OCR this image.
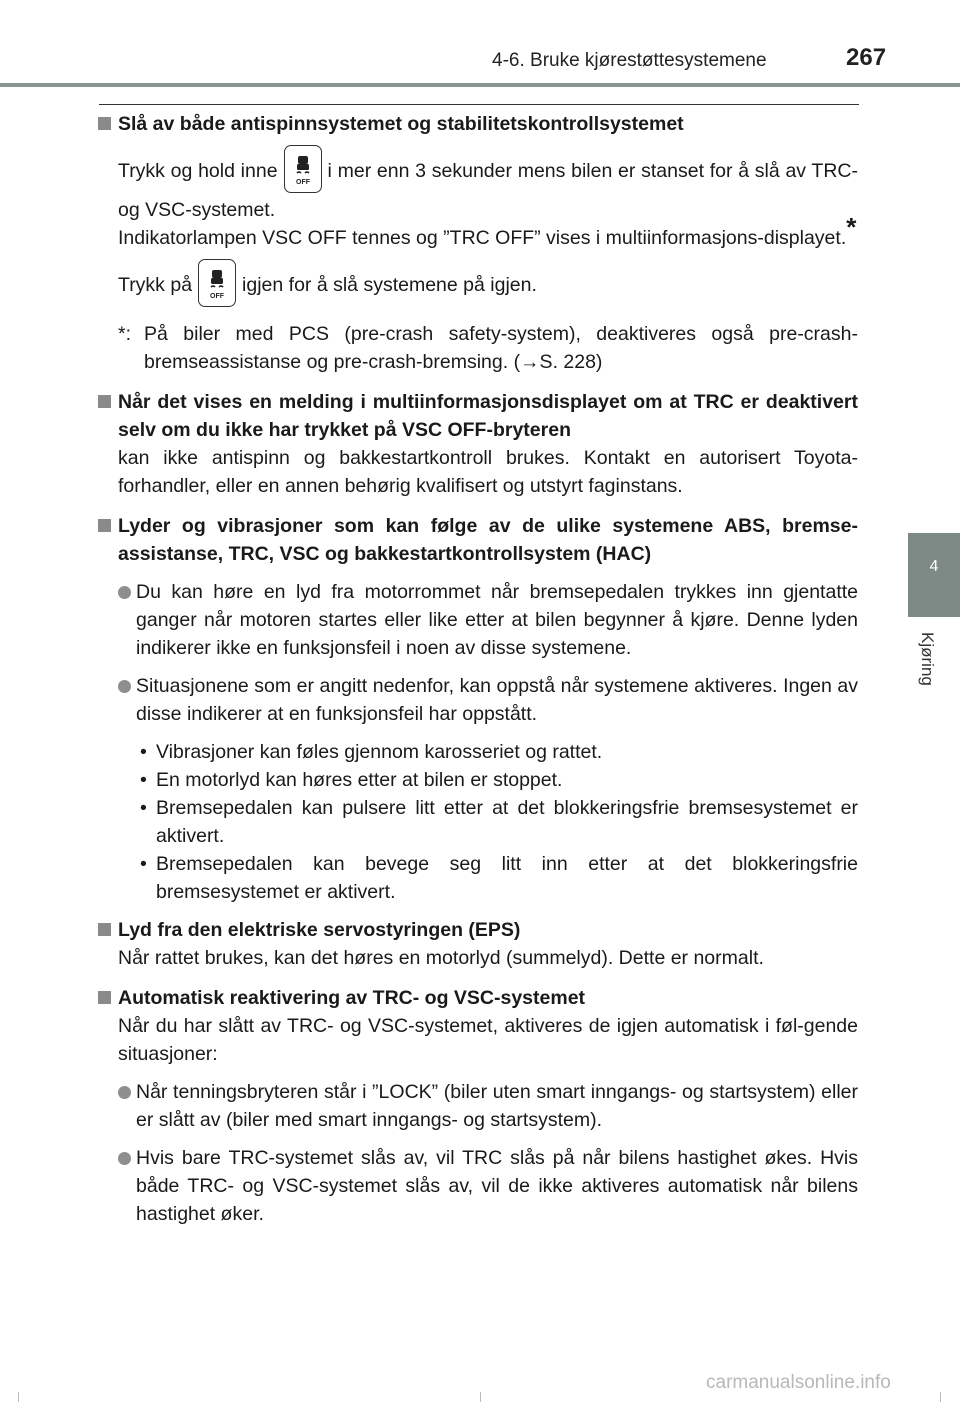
4-6. Bruke kjørestøttesystemene	267
4
Kjøring
Slå av både antispinnsystemet og stabilitetskontrollsystemet
Trykk og hold inne
OFF
i mer enn 3 sekunder mens bilen er stanset for å slå av TRC- og VSC-systemet.
Indikatorlampen VSC OFF tennes og ”TRC OFF” vises i multiinformasjons-displayet.*
Trykk på
OFF
igjen for å slå systemene på igjen.
*: På biler med PCS (pre-crash safety-system), deaktiveres også pre-crash-bremseassistanse og pre-crash-bremsing. (→S. 228)
Når det vises en melding i multiinformasjonsdisplayet om at TRC er deaktivert selv om du ikke har trykket på VSC OFF-bryteren
kan ikke antispinn og bakkestartkontroll brukes. Kontakt en autorisert Toyota-forhandler, eller en annen behørig kvalifisert og utstyrt faginstans.
Lyder og vibrasjoner som kan følge av de ulike systemene ABS, bremse-assistanse, TRC, VSC og bakkestartkontrollsystem (HAC)
Du kan høre en lyd fra motorrommet når bremsepedalen trykkes inn gjentatte ganger når motoren startes eller like etter at bilen begynner å kjøre. Denne lyden indikerer ikke en funksjonsfeil i noen av disse systemene.
Situasjonene som er angitt nedenfor, kan oppstå når systemene aktiveres. Ingen av disse indikerer at en funksjonsfeil har oppstått.
• Vibrasjoner kan føles gjennom karosseriet og rattet.
• En motorlyd kan høres etter at bilen er stoppet.
• Bremsepedalen kan pulsere litt etter at det blokkeringsfrie bremsesystemet er aktivert.
• Bremsepedalen kan bevege seg litt inn etter at det blokkeringsfrie bremsesystemet er aktivert.
Lyd fra den elektriske servostyringen (EPS)
Når rattet brukes, kan det høres en motorlyd (summelyd). Dette er normalt.
Automatisk reaktivering av TRC- og VSC-systemet
Når du har slått av TRC- og VSC-systemet, aktiveres de igjen automatisk i føl-gende situasjoner:
Når tenningsbryteren står i ”LOCK” (biler uten smart inngangs- og startsystem) eller er slått av (biler med smart inngangs- og startsystem).
Hvis bare TRC-systemet slås av, vil TRC slås på når bilens hastighet økes. Hvis både TRC- og VSC-systemet slås av, vil de ikke aktiveres automatisk når bilens hastighet øker.
carmanualsonline.info
